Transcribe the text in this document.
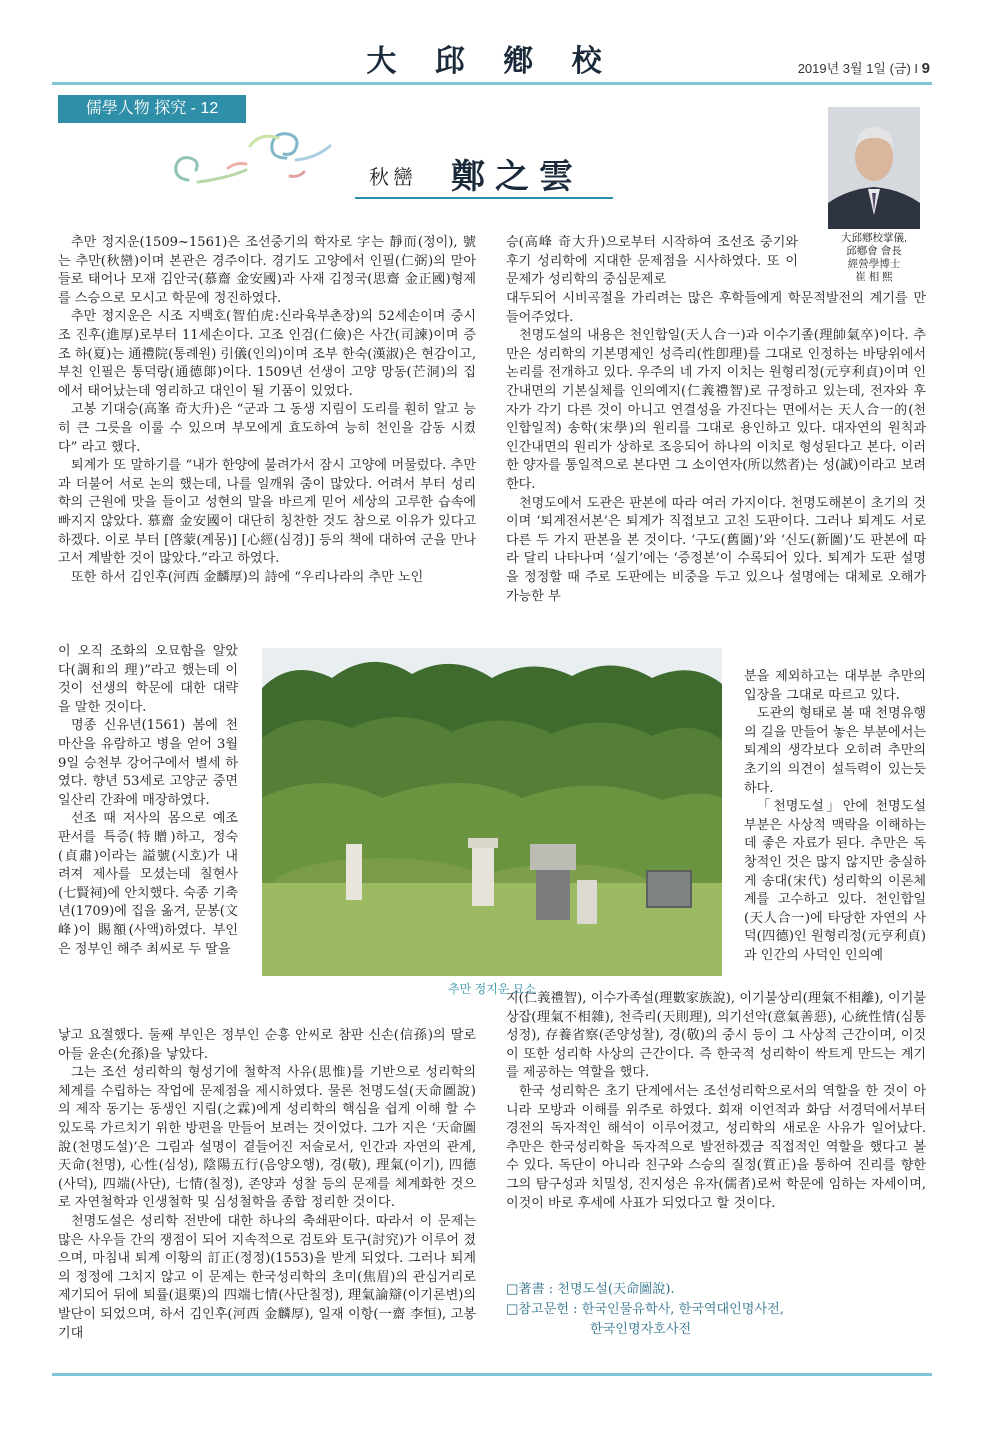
大 邱 鄕 校	2019년 3월 1일 (금) I 9
儒學人物 探究 - 12
秋巒 鄭之雲
大邱鄕校掌儀,
邱鄕會 會長
經營學博士
崔 相 熙

추만 정지운(1509~1561)은 조선중기의 학자로 字는 靜而(정이), 號는 추만(秋巒)이며 본관은 경주이다. 경기도 고양에서 인필(仁弼)의 맏아들로 태어나 모재 김안국(慕齋 金安國)과 사재 김정국(思齋 金正國)형제를 스승으로 모시고 학문에 정진하였다.

추만 정지운은 시조 지백호(智伯虎:신라육부촌장)의 52세손이며 중시조 진후(進厚)로부터 11세손이다. 고조 인검(仁儉)은 사간(司諫)이며 증조 하(夏)는 通禮院(통례원) 引儀(인의)이며 조부 한숙(漢淑)은 현감이고, 부친 인필은 통덕랑(通德郞)이다. 1509년 선생이 고양 망동(芒洞)의 집에서 태어났는데 영리하고 대인이 될 기품이 있었다.

고봉 기대승(高峯 奇大升)은 “군과 그 동생 지림이 도리를 훤히 알고 능히 큰 그릇을 이룰 수 있으며 부모에게 효도하여 능히 천인을 감동 시켰다” 라고 했다.

퇴계가 또 말하기를 “내가 한양에 불려가서 잠시 고양에 머물렀다. 추만과 더불어 서로 논의 했는데, 나를 일깨워 줌이 많았다. 어려서 부터 성리학의 근원에 맛을 들이고 성현의 말을 바르게 믿어 세상의 고루한 습속에 빠지지 않았다. 慕齋 金安國이 대단히 칭찬한 것도 참으로 이유가 있다고 하겠다. 이로 부터 [啓蒙(계몽)] [心經(심경)] 등의 책에 대하여 군을 만나고서 계발한 것이 많았다.”라고 하였다.

또한 하서 김인후(河西 金麟厚)의 詩에 “우리나라의 추만 노인

이 오직 조화의 오묘함을 알았다(調和의 理)”라고 했는데 이것이 선생의 학문에 대한 대략을 말한 것이다.

명종 신유년(1561) 봄에 천마산을 유람하고 병을 얻어 3월 9일 승천부 강어구에서 별세 하였다. 향년 53세로 고양군 중면 일산리 간좌에 매장하였다.

선조 때 저사의 몸으로 예조판서를 특증(特贈)하고, 정숙(貞肅)이라는 謚號(시호)가 내려져 제사를 모셨는데 칠현사(七賢祠)에 안치했다. 숙종 기축년(1709)에 집을 옮겨, 문봉(文峰)이 賜額(사액)하였다. 부인은 정부인 해주 최씨로 두 딸을

낳고 요절했다. 둘째 부인은 정부인 순흥 안씨로 참판 신손(信孫)의 딸로 아들 윤손(允孫)을 낳았다.

그는 조선 성리학의 형성기에 철학적 사유(思惟)를 기반으로 성리학의 체계를 수립하는 작업에 문제점을 제시하였다. 물론 천명도설(天命圖說)의 제작 동기는 동생인 지림(之霖)에게 성리학의 핵심을 쉽게 이해 할 수 있도록 가르치기 위한 방편을 만들어 보려는 것이었다. 그가 지은 ‘天命圖說(천명도설)’은 그림과 설명이 곁들어진 저술로서, 인간과 자연의 관계, 天命(천명), 心性(심성), 陰陽五行(음양오행), 경(敬), 理氣(이기), 四德(사덕), 四端(사단), 七情(칠정), 존양과 성찰 등의 문제를 체계화한 것으로 자연철학과 인생철학 및 심성철학을 종합 정리한 것이다.

천명도설은 성리학 전반에 대한 하나의 축쇄판이다. 따라서 이 문제는 많은 사우들 간의 쟁점이 되어 지속적으로 검토와 토구(討究)가 이루어 졌으며, 마침내 퇴계 이황의 訂正(정정)(1553)을 받게 되었다. 그러나 퇴계의 정정에 그치지 않고 이 문제는 한국성리학의 초미(焦眉)의 관심거리로 제기되어 뒤에 퇴률(退栗)의 四端七情(사단칠정), 理氣論辯(이기론변)의 발단이 되었으며, 하서 김인후(河西 金麟厚), 일재 이항(一齋 李恒), 고봉 기대

승(高峰 奇大升)으로부터 시작하여 조선조 중기와 후기 성리학에 지대한 문제점을 시사하였다. 또 이 문제가 성리학의 중심문제로

대두되어 시비곡절을 가리려는 많은 후학들에게 학문적발전의 계기를 만들어주었다.

천명도설의 내용은 천인합일(天人合一)과 이수기졸(理帥氣卒)이다. 추만은 성리학의 기본명제인 성즉리(性卽理)를 그대로 인정하는 바탕위에서 논리를 전개하고 있다. 우주의 네 가지 이치는 원형리정(元亨利貞)이며 인간내면의 기본실체를 인의예지(仁義禮智)로 규정하고 있는데, 전자와 후자가 각기 다른 것이 아니고 연결성을 가진다는 면에서는 天人合一的(천인합일적) 송학(宋學)의 원리를 그대로 용인하고 있다. 대자연의 원칙과 인간내면의 원리가 상하로 조응되어 하나의 이치로 형성된다고 본다. 이러한 양자를 통일적으로 본다면 그 소이연자(所以然者)는 성(誠)이라고 보려 한다.

천명도에서 도관은 판본에 따라 여러 가지이다. 천명도해본이 초기의 것이며 ‘퇴계전서본’은 퇴계가 직접보고 고친 도판이다. 그러나 퇴계도 서로 다른 두 가지 판본을 본 것이다. ‘구도(舊圖)’와 ‘신도(新圖)’도 판본에 따라 달리 나타나며 ‘실기’에는 ‘증정본’이 수록되어 있다. 퇴계가 도판 설명을 정정할 때 주로 도판에는 비중을 두고 있으나 설명에는 대체로 오해가 가능한 부

분을 제외하고는 대부분 추만의 입장을 그대로 따르고 있다.

도관의 형태로 볼 때 천명유행의 길을 만들어 놓은 부분에서는 퇴계의 생각보다 오히려 추만의 초기의 의견이 설득력이 있는듯하다.

「천명도설」안에 천명도설부분은 사상적 맥락을 이해하는데 좋은 자료가 된다. 추만은 독창적인 것은 많지 않지만 충실하게 송대(宋代) 성리학의 이론체계를 고수하고 있다. 천인합일(天人合一)에 타당한 자연의 사덕(四德)인 원형리정(元亨利貞)과 인간의 사덕인 인의예

지(仁義禮智), 이수가족설(理數家族說), 이기불상리(理氣不相離), 이기불상잡(理氣不相雜), 천즉리(天則理), 의기선악(意氣善惡), 心統性情(심통성정), 存養省察(존양성찰), 경(敬)의 중시 등이 그 사상적 근간이며, 이것이 또한 성리학 사상의 근간이다. 즉 한국적 성리학이 싹트게 만드는 계기를 제공하는 역할을 했다.

한국 성리학은 초기 단계에서는 조선성리학으로서의 역할을 한 것이 아니라 모방과 이해를 위주로 하였다. 회재 이언적과 화담 서경덕에서부터 경전의 독자적인 해석이 이루어졌고, 성리학의 새로운 사유가 일어났다. 추만은 한국성리학을 독자적으로 발전하겠금 직접적인 역할을 했다고 볼 수 있다. 독단이 아니라 친구와 스승의 질정(質正)을 통하여 진리를 향한 그의 탐구성과 치밀성, 진지성은 유자(儒者)로써 학문에 임하는 자세이며, 이것이 바로 후세에 사표가 되었다고 할 것이다.

추만 정지운 묘소
□著書 : 천명도설(天命圖說).
□참고문헌 : 한국인물유학사, 한국역대인명사전,
한국인명자호사전
